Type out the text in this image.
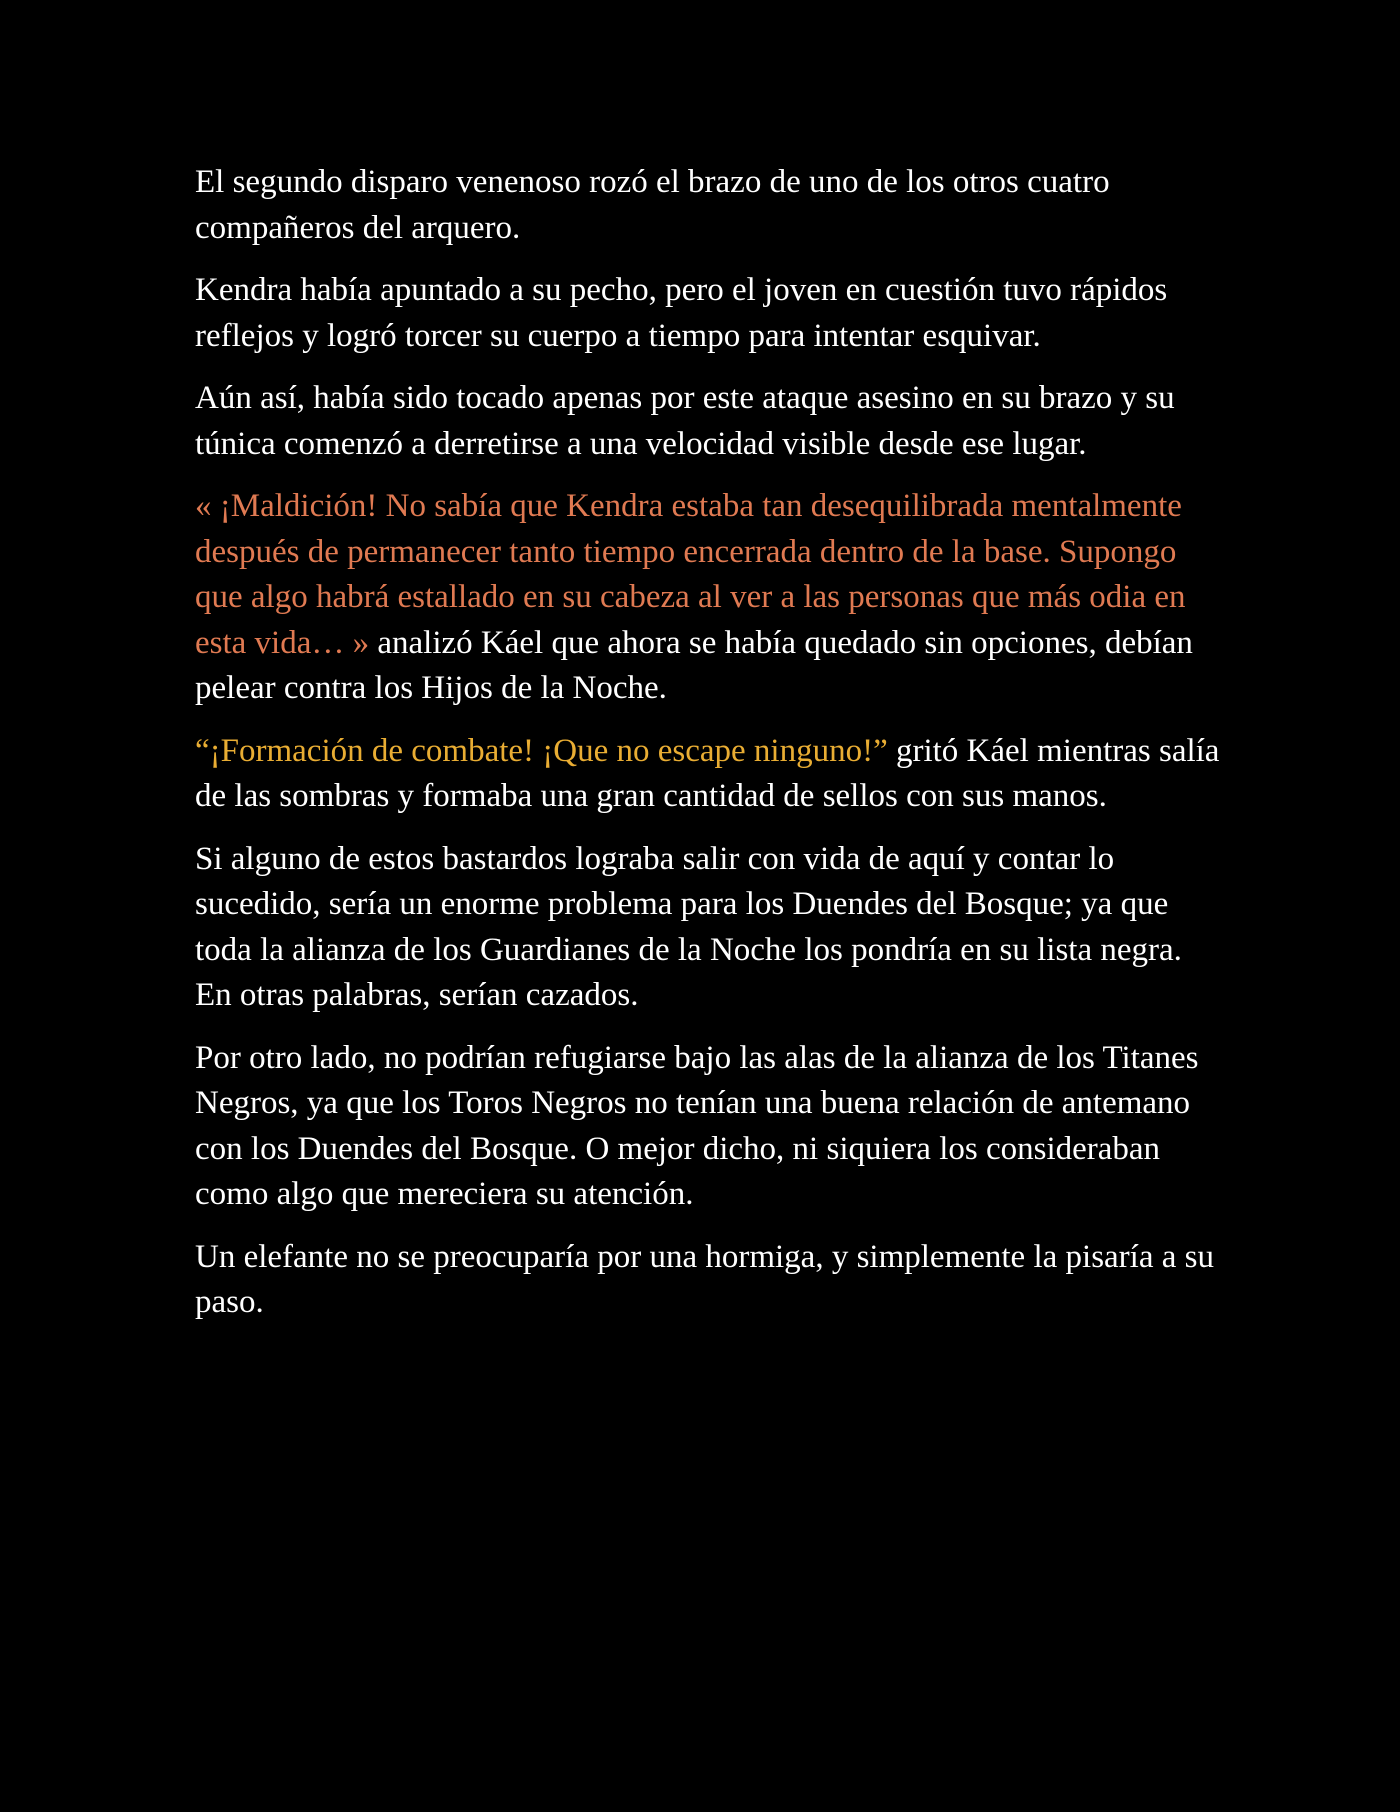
El segundo disparo venenoso rozó el brazo de uno de los otros cuatro compañeros del arquero.

Kendra había apuntado a su pecho, pero el joven en cuestión tuvo rápidos reflejos y logró torcer su cuerpo a tiempo para intentar esquivar.

Aún así, había sido tocado apenas por este ataque asesino en su brazo y su túnica comenzó a derretirse a una velocidad visible desde ese lugar.

« ¡Maldición! No sabía que Kendra estaba tan desequilibrada mentalmente después de permanecer tanto tiempo encerrada dentro de la base. Supongo que algo habrá estallado en su cabeza al ver a las personas que más odia en esta vida… » analizó Káel que ahora se había quedado sin opciones, debían pelear contra los Hijos de la Noche.

“¡Formación de combate! ¡Que no escape ninguno!” gritó Káel mientras salía de las sombras y formaba una gran cantidad de sellos con sus manos.

Si alguno de estos bastardos lograba salir con vida de aquí y contar lo sucedido, sería un enorme problema para los Duendes del Bosque; ya que toda la alianza de los Guardianes de la Noche los pondría en su lista negra. En otras palabras, serían cazados.

Por otro lado, no podrían refugiarse bajo las alas de la alianza de los Titanes Negros, ya que los Toros Negros no tenían una buena relación de antemano con los Duendes del Bosque. O mejor dicho, ni siquiera los consideraban como algo que mereciera su atención.

Un elefante no se preocuparía por una hormiga, y simplemente la pisaría a su paso.
